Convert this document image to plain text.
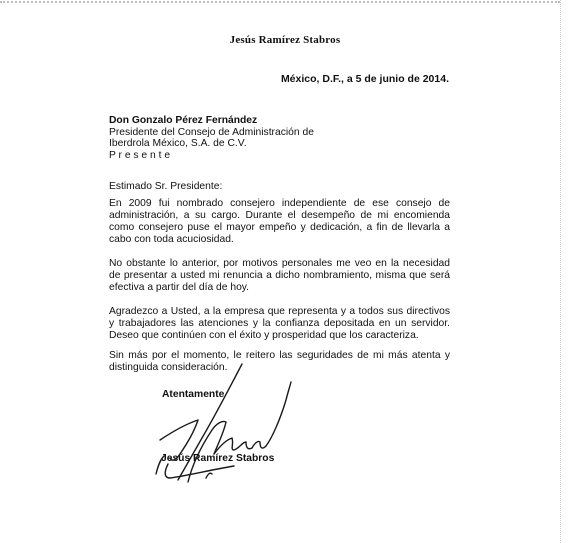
Jesús Ramírez Stabros
México, D.F., a 5 de junio de 2014.
Don Gonzalo Pérez Fernández
Presidente del Consejo de Administración de
Iberdrola México, S.A. de C.V.
P r e s e n t e
Estimado Sr. Presidente:
En 2009 fui nombrado consejero independiente de ese consejo de administración, a su cargo. Durante el desempeño de mi encomienda como consejero puse el mayor empeño y dedicación, a fin de llevarla a cabo con toda acuciosidad.
No obstante lo anterior, por motivos personales me veo en la necesidad de presentar a usted mi renuncia a dicho nombramiento, misma que será efectiva a partir del día de hoy.
Agradezco a Usted, a la empresa que representa y a todos sus directivos y trabajadores las atenciones y la confianza depositada en un servidor. Deseo que continúen con el éxito y prosperidad que los caracteriza.
Sin más por el momento, le reitero las seguridades de mi más atenta y distinguida consideración.
Atentamente
Jesús Ramírez Stabros
